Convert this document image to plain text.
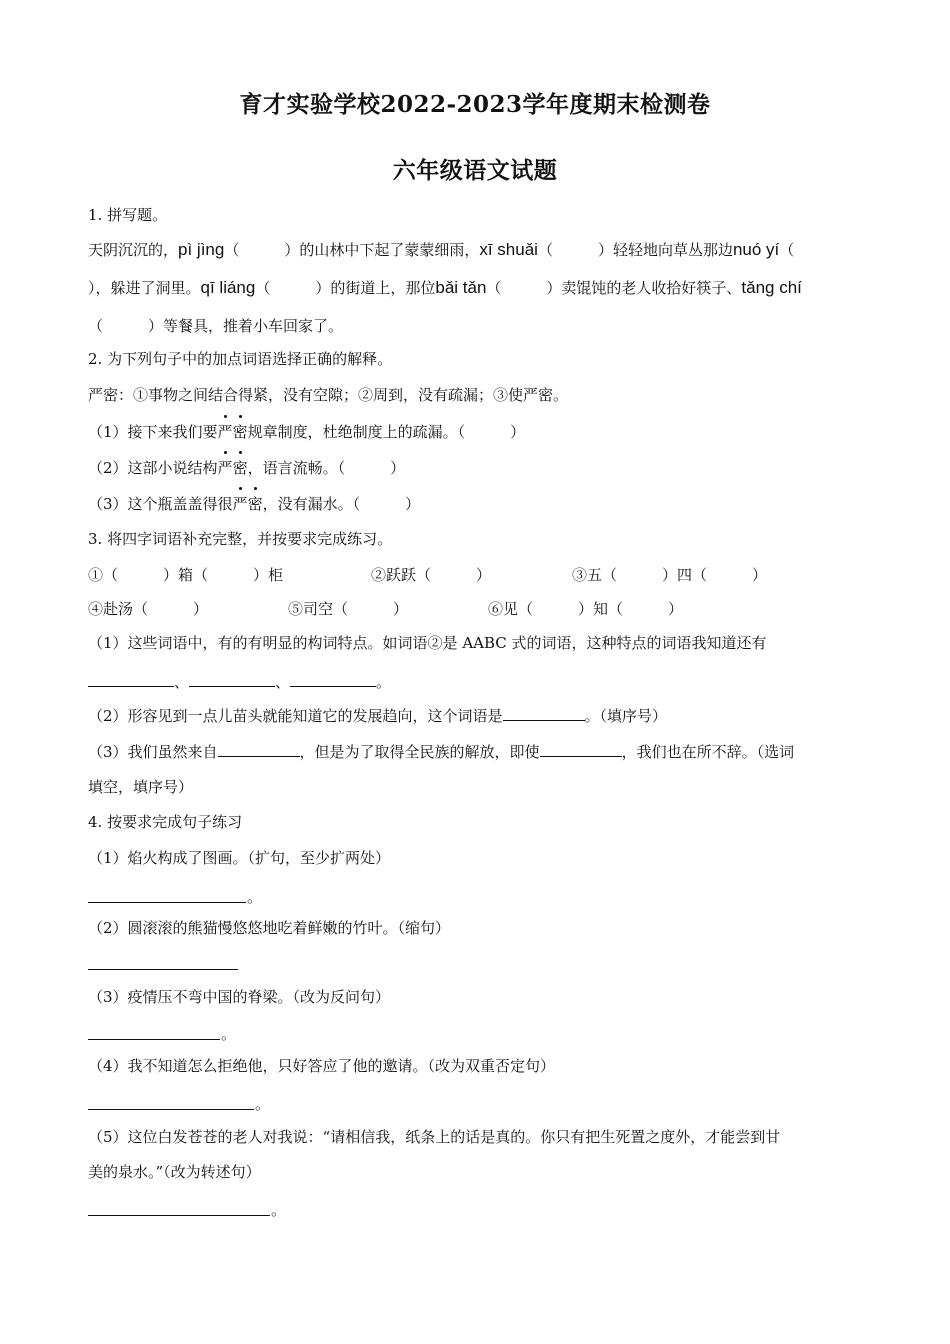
育才实验学校2022-2023学年度期末检测卷
六年级语文试题
1. 拼写题。
天阴沉沉的，pì jìng（　　　）的山林中下起了蒙蒙细雨，xī shuǎi（　　　）轻轻地向草丛那边nuó yí（
），躲进了洞里。qī liáng（　　　）的街道上，那位bǎi tǎn（　　　）卖馄饨的老人收拾好筷子、tǎng chí
（　　　）等餐具，推着小车回家了。
2. 为下列句子中的加点词语选择正确的解释。
严密：①事物之间结合得紧，没有空隙；②周到，没有疏漏；③使严密。
（1）接下来我们要严密规章制度，杜绝制度上的疏漏。（　　　）
（2）这部小说结构严密，语言流畅。（　　　）
（3）这个瓶盖盖得很严密，没有漏水。（　　　）
3. 将四字词语补充完整，并按要求完成练习。
①（　　　）箱（　　　）柜	②跃跃（　　　）	③五（　　　）四（　　　）
④赴汤（　　　）	⑤司空（　　　）	⑥见（　　　）知（　　　）
（1）这些词语中，有的有明显的构词特点。如词语②是 AABC 式的词语，这种特点的词语我知道还有
、	、	。
（2）形容见到一点儿苗头就能知道它的发展趋向，这个词语是	。（填序号）
（3）我们虽然来自	，但是为了取得全民族的解放，即使	，我们也在所不辞。（选词
填空，填序号）
4. 按要求完成句子练习
（1）焰火构成了图画。（扩句，至少扩两处）
。
（2）圆滚滚的熊猫慢悠悠地吃着鲜嫩的竹叶。（缩句）
（3）疫情压不弯中国的脊梁。（改为反问句）
。
（4）我不知道怎么拒绝他，只好答应了他的邀请。（改为双重否定句）
。
（5）这位白发苍苍的老人对我说：“请相信我，纸条上的话是真的。你只有把生死置之度外，才能尝到甘
美的泉水。”（改为转述句）
。
